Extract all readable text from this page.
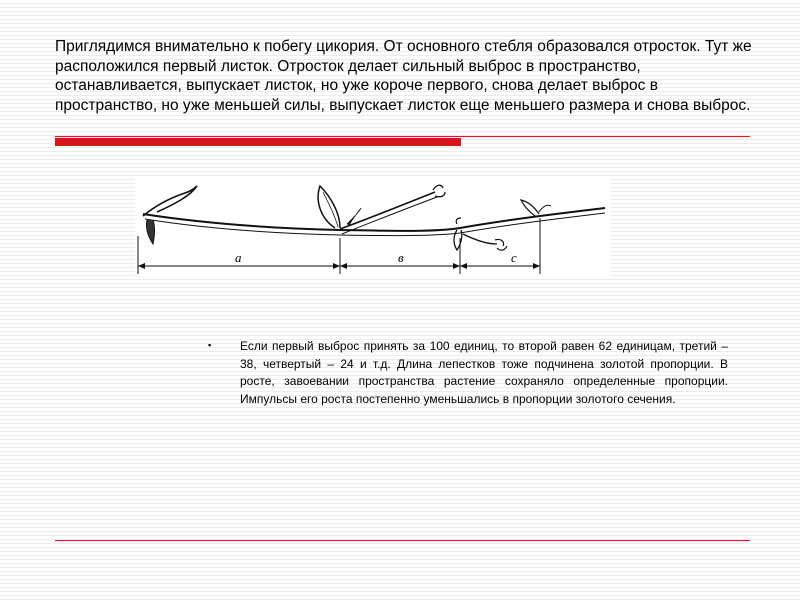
Приглядимся внимательно к побегу цикория. От основного стебля образовался отросток. Тут же расположился первый листок. Отросток делает сильный выброс в пространство, останавливается, выпускает листок, но уже короче первого, снова делает выброс в пространство, но уже меньшей силы, выпускает листок еще меньшего размера и снова выброс.
а	в	с
▪ Если первый выброс принять за 100 единиц, то второй равен 62 единицам, третий – 38, четвертый – 24 и т.д. Длина лепестков тоже подчинена золотой пропорции. В росте, завоевании пространства растение сохраняло определенные пропорции. Импульсы его роста постепенно уменьшались в пропорции золотого сечения.
